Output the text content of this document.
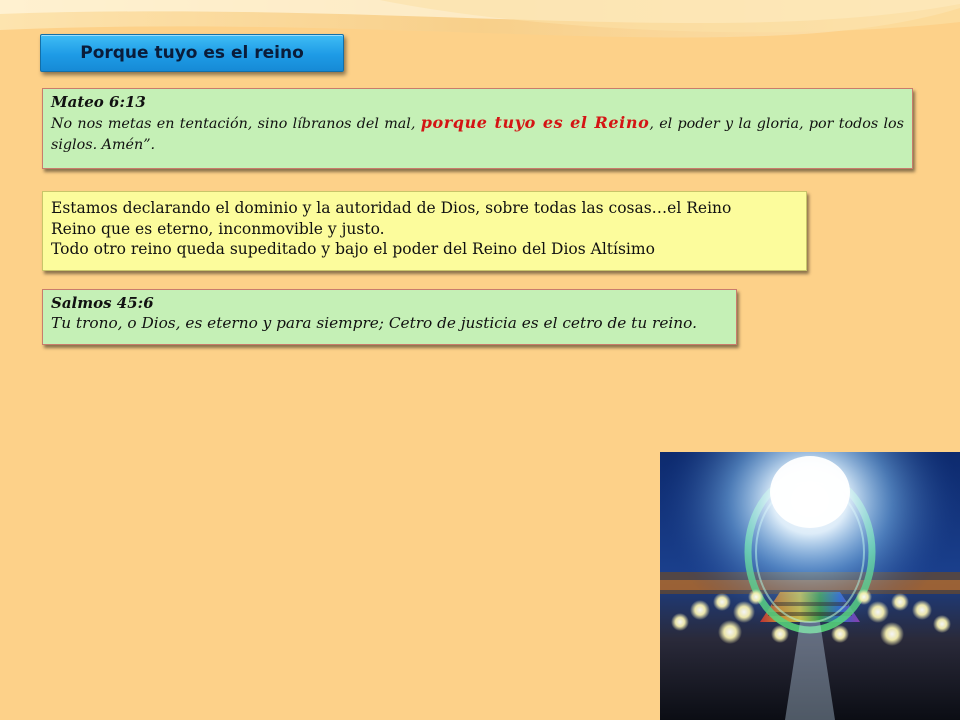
Porque tuyo es el reino
Mateo 6:13
No nos metas en tentación, sino líbranos del mal, porque tuyo es el Reino, el poder y la gloria, por todos los siglos. Amén”.
Estamos declarando el dominio y la autoridad de Dios, sobre todas las cosas…el Reino
Reino que es eterno, inconmovible y justo.
Todo otro reino queda supeditado y bajo el poder del Reino del Dios Altísimo
Salmos 45:6
Tu trono, o Dios, es eterno y para siempre; Cetro de justicia es el cetro de tu reino.
